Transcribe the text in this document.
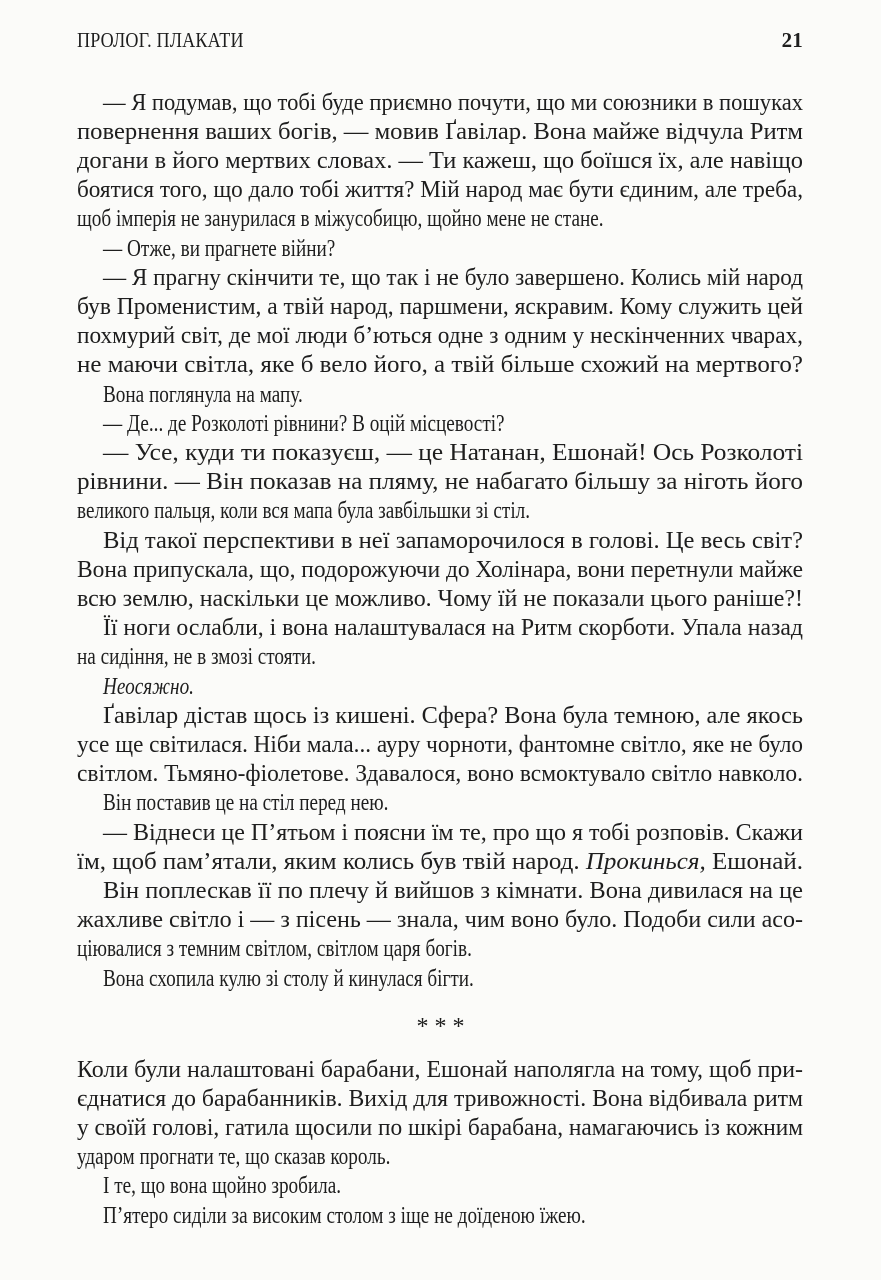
ПРОЛОГ. ПЛАКАТИ	21
— Я подумав, що тобі буде приємно почути, що ми союзники в пошуках
повернення ваших богів, — мовив Ґавілар. Вона майже відчула Ритм
догани в його мертвих словах. — Ти кажеш, що боїшся їх, але навіщо
боятися того, що дало тобі життя? Мій народ має бути єдиним, але треба,
щоб імперія не занурилася в міжусобицю, щойно мене не стане.
— Отже, ви прагнете війни?
— Я прагну скінчити те, що так і не було завершено. Колись мій народ
був Променистим, а твій народ, паршмени, яскравим. Кому служить цей
похмурий світ, де мої люди б’ються одне з одним у нескінченних чварах,
не маючи світла, яке б вело його, а твій більше схожий на мертвого?
Вона поглянула на мапу.
— Де... де Розколоті рівнини? В оцій місцевості?
— Усе, куди ти показуєш, — це Натанан, Ешонай! Ось Розколоті
рівнини. — Він показав на пляму, не набагато більшу за ніготь його
великого пальця, коли вся мапа була завбільшки зі стіл.
Від такої перспективи в неї запаморочилося в голові. Це весь світ?
Вона припускала, що, подорожуючи до Холінара, вони перетнули майже
всю землю, наскільки це можливо. Чому їй не показали цього раніше?!
Її ноги ослабли, і вона налаштувалася на Ритм скорботи. Упала назад
на сидіння, не в змозі стояти.
Неосяжно.
Ґавілар дістав щось із кишені. Сфера? Вона була темною, але якось
усе ще світилася. Ніби мала... ауру чорноти, фантомне світло, яке не було
світлом. Тьмяно-фіолетове. Здавалося, воно всмоктувало світло навколо.
Він поставив це на стіл перед нею.
— Віднеси це П’ятьом і поясни їм те, про що я тобі розповів. Скажи
їм, щоб пам’ятали, яким колись був твій народ. Прокинься, Ешонай.
Він поплескав її по плечу й вийшов з кімнати. Вона дивилася на це
жахливе світло і — з пісень — знала, чим воно було. Подоби сили асо-
ціювалися з темним світлом, світлом царя богів.
Вона схопила кулю зі столу й кинулася бігти.
* * *
Коли були налаштовані барабани, Ешонай наполягла на тому, щоб при-
єднатися до барабанників. Вихід для тривожності. Вона відбивала ритм
у своїй голові, гатила щосили по шкірі барабана, намагаючись із кожним
ударом прогнати те, що сказав король.
І те, що вона щойно зробила.
П’ятеро сиділи за високим столом з іще не доїденою їжею.
